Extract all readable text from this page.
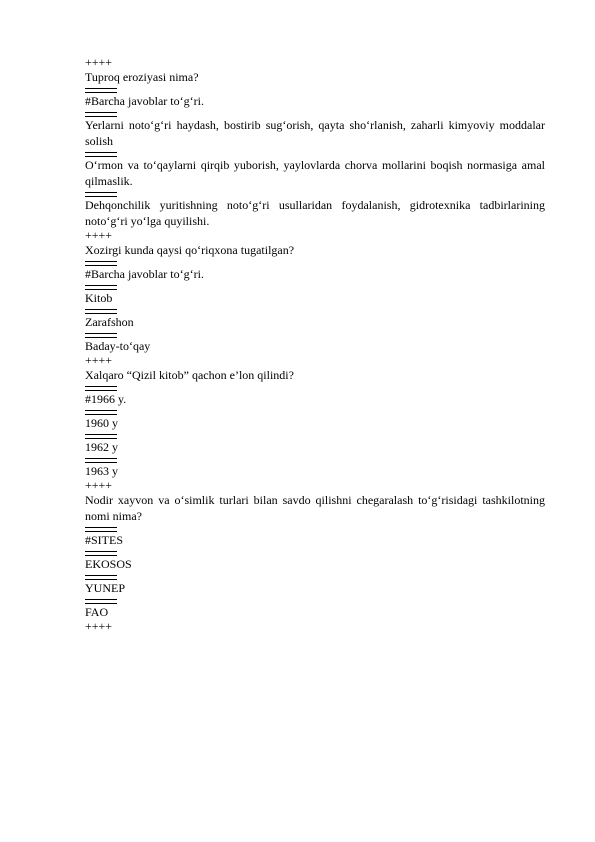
++++
Tuproq eroziyasi nima?
#Barcha javoblar to‘g‘ri.
Yerlarni noto‘g‘ri haydash, bostirib sug‘orish, qayta sho‘rlanish, zaharli kimyoviy moddalar solish
O‘rmon va to‘qaylarni qirqib yuborish, yaylovlarda chorva mollarini boqish normasiga amal qilmaslik.
Dehqonchilik yuritishning noto‘g‘ri usullaridan foydalanish, gidrotexnika tadbirlarining noto‘g‘ri yo‘lga quyilishi.
++++
Xozirgi kunda qaysi qo‘riqxona tugatilgan?
#Barcha javoblar to‘g‘ri.
Kitob
Zarafshon
Baday-to‘qay
++++
Xalqaro “Qizil kitob” qachon e’lon qilindi?
#1966 y.
1960 y
1962 y
1963 y
++++
Nodir xayvon va o‘simlik turlari bilan savdo qilishni chegaralash to‘g‘risidagi tashkilotning nomi nima?
#SITES
EKOSOS
YUNEP
FAO
++++
